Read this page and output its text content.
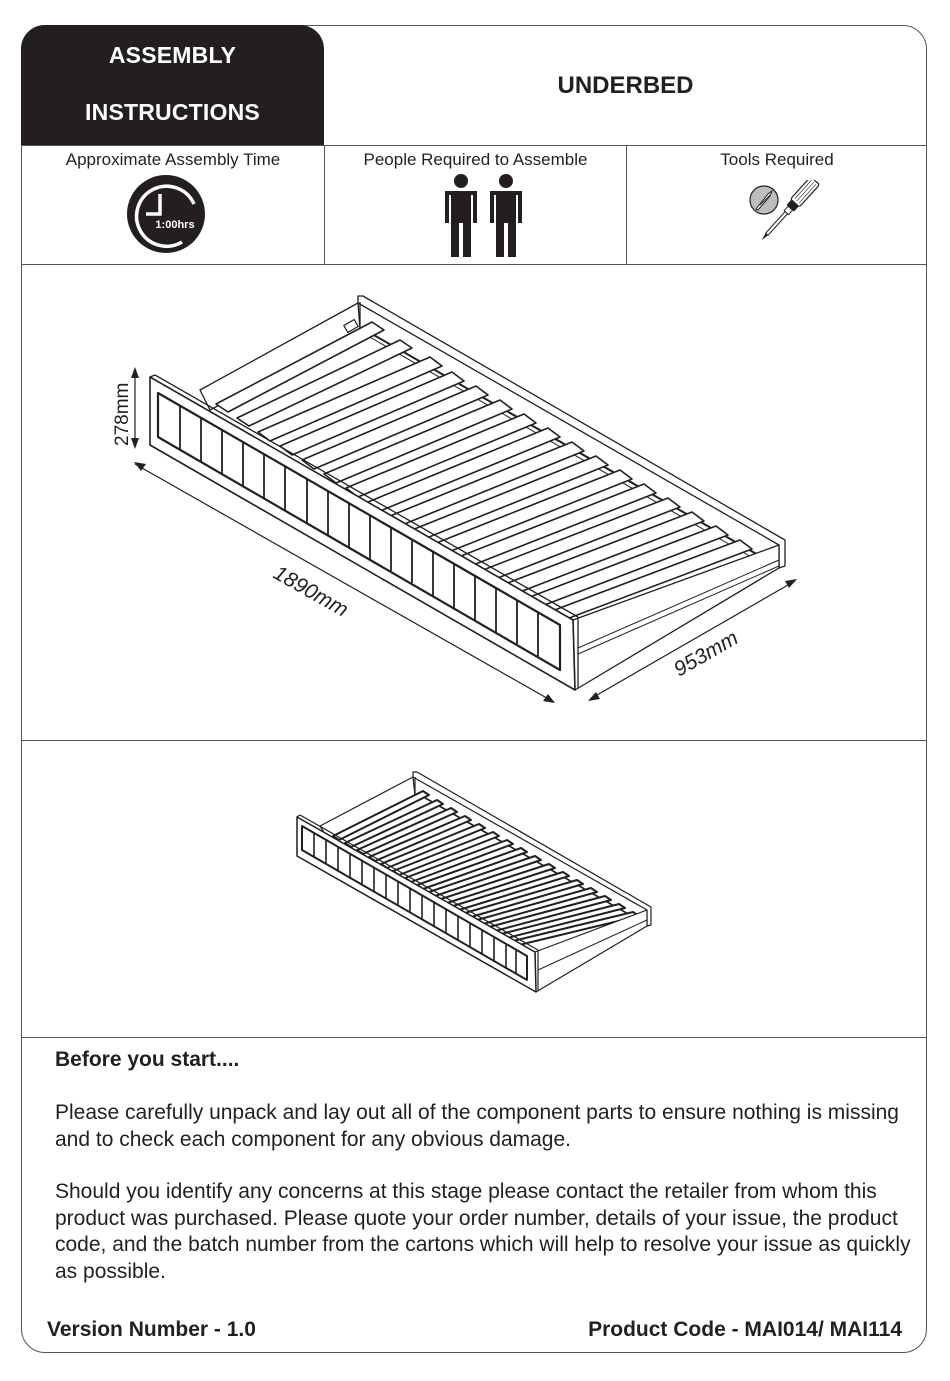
ASSEMBLY
INSTRUCTIONS
UNDERBED
Approximate Assembly Time
1:00hrs
People Required to Assemble	Tools Required
278mm
1890mm
953mm
Before you start....

Please carefully unpack and lay out all of the component parts to ensure nothing is missing and to check each component for any obvious damage.

Should you identify any concerns at this stage please contact the retailer from whom this product was purchased. Please quote your order number, details of your issue, the product code, and the batch number from the cartons which will help to resolve your issue as quickly as possible.

Version Number - 1.0	Product Code - MAI014/ MAI114
